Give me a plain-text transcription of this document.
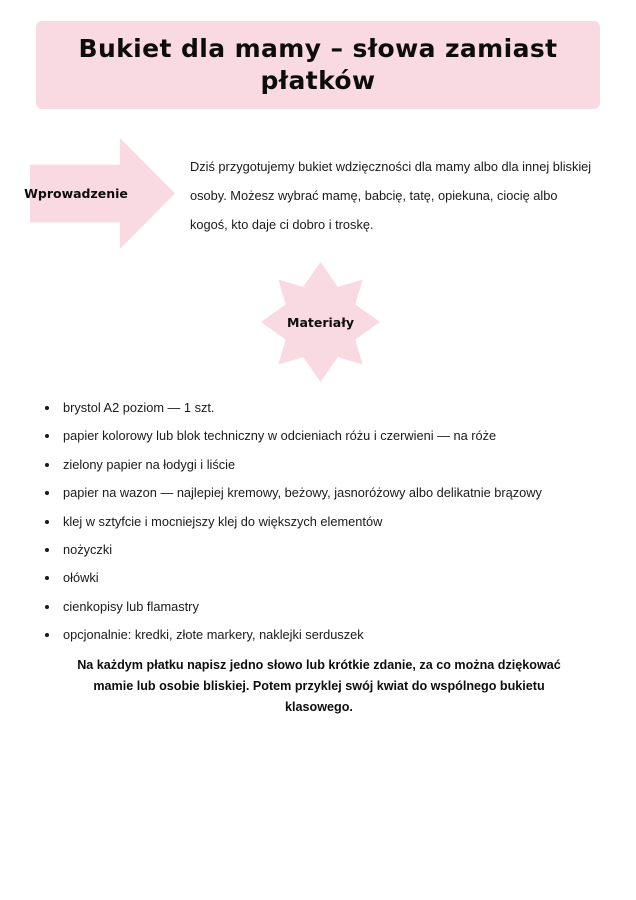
Bukiet dla mamy – słowa zamiast płatków
Wprowadzenie

Dziś przygotujemy bukiet wdzięczności dla mamy albo dla innej bliskiej osoby. Możesz wybrać mamę, babcię, tatę, opiekuna, ciocię albo kogoś, kto daje ci dobro i troskę.

Materiały
brystol A2 poziom — 1 szt.
papier kolorowy lub blok techniczny w odcieniach różu i czerwieni — na róże
zielony papier na łodygi i liście
papier na wazon — najlepiej kremowy, beżowy, jasnoróżowy albo delikatnie brązowy
klej w sztyfcie i mocniejszy klej do większych elementów
nożyczki
ołówki
cienkopisy lub flamastry
opcjonalnie: kredki, złote markery, naklejki serduszek

Na każdym płatku napisz jedno słowo lub krótkie zdanie, za co można dziękować mamie lub osobie bliskiej. Potem przyklej swój kwiat do wspólnego bukietu klasowego.
